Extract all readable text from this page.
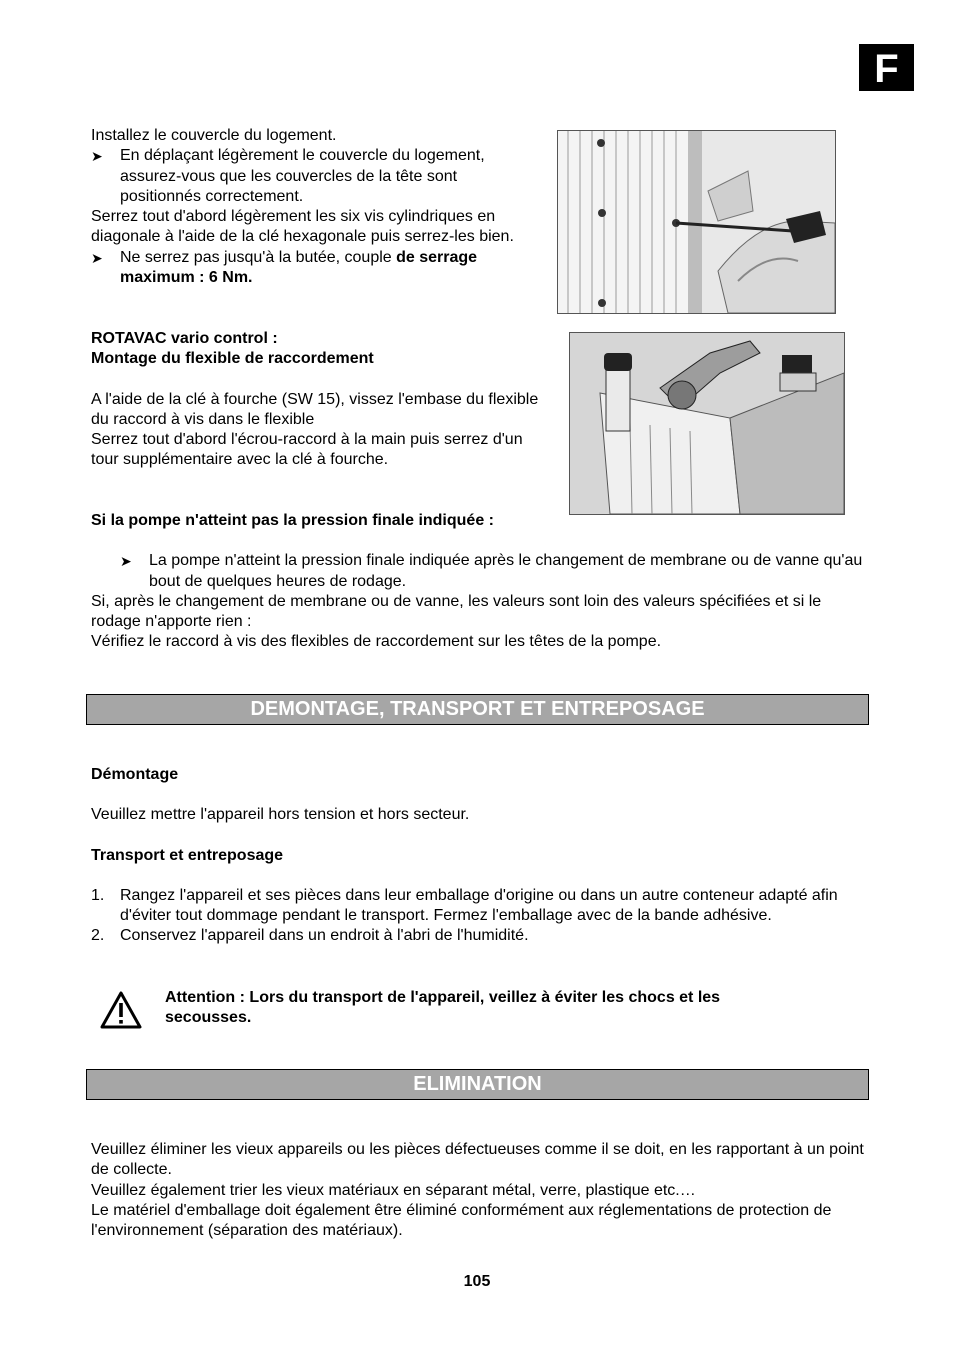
F

Installez le couvercle du logement.

➤ En déplaçant légèrement le couvercle du logement, assurez-vous que les couvercles de la tête sont positionnés correctement.

Serrez tout d'abord légèrement les six vis cylindriques en diagonale à l'aide de la clé hexagonale puis serrez-les bien.

➤ Ne serrez pas jusqu'à la butée, couple de serrage maximum : 6 Nm.

ROTAVAC vario control :

Montage du flexible de raccordement

A l'aide de la clé à fourche (SW 15), vissez l'embase du flexible du raccord à vis dans le flexible

Serrez tout d'abord l'écrou-raccord à la main puis serrez d'un tour supplémentaire avec la clé à fourche.

Si la pompe n'atteint pas la pression finale indiquée :

➤ La pompe n'atteint la pression finale indiquée après le changement de membrane ou de vanne qu'au bout de quelques heures de rodage.

Si, après le changement de membrane ou de vanne, les valeurs sont loin des valeurs spécifiées et si le rodage n'apporte rien :

Vérifiez le raccord à vis des flexibles de raccordement sur les têtes de la pompe.

DEMONTAGE, TRANSPORT ET ENTREPOSAGE

Démontage

Veuillez mettre l'appareil hors tension et hors secteur.

Transport et entreposage

1. Rangez l'appareil et ses pièces dans leur emballage d'origine ou dans un autre conteneur adapté afin d'éviter tout dommage pendant le transport. Fermez l'emballage avec de la bande adhésive.

2. Conservez l'appareil dans un endroit à l'abri de l'humidité.

Attention : Lors du transport de l'appareil, veillez à éviter les chocs et les secousses.
ELIMINATION

Veuillez éliminer les vieux appareils ou les pièces défectueuses comme il se doit, en les rapportant à un point de collecte.

Veuillez également trier les vieux matériaux en séparant métal, verre, plastique etc.…

Le matériel d'emballage doit également être éliminé conformément aux réglementations de protection de l'environnement (séparation des matériaux).

105
